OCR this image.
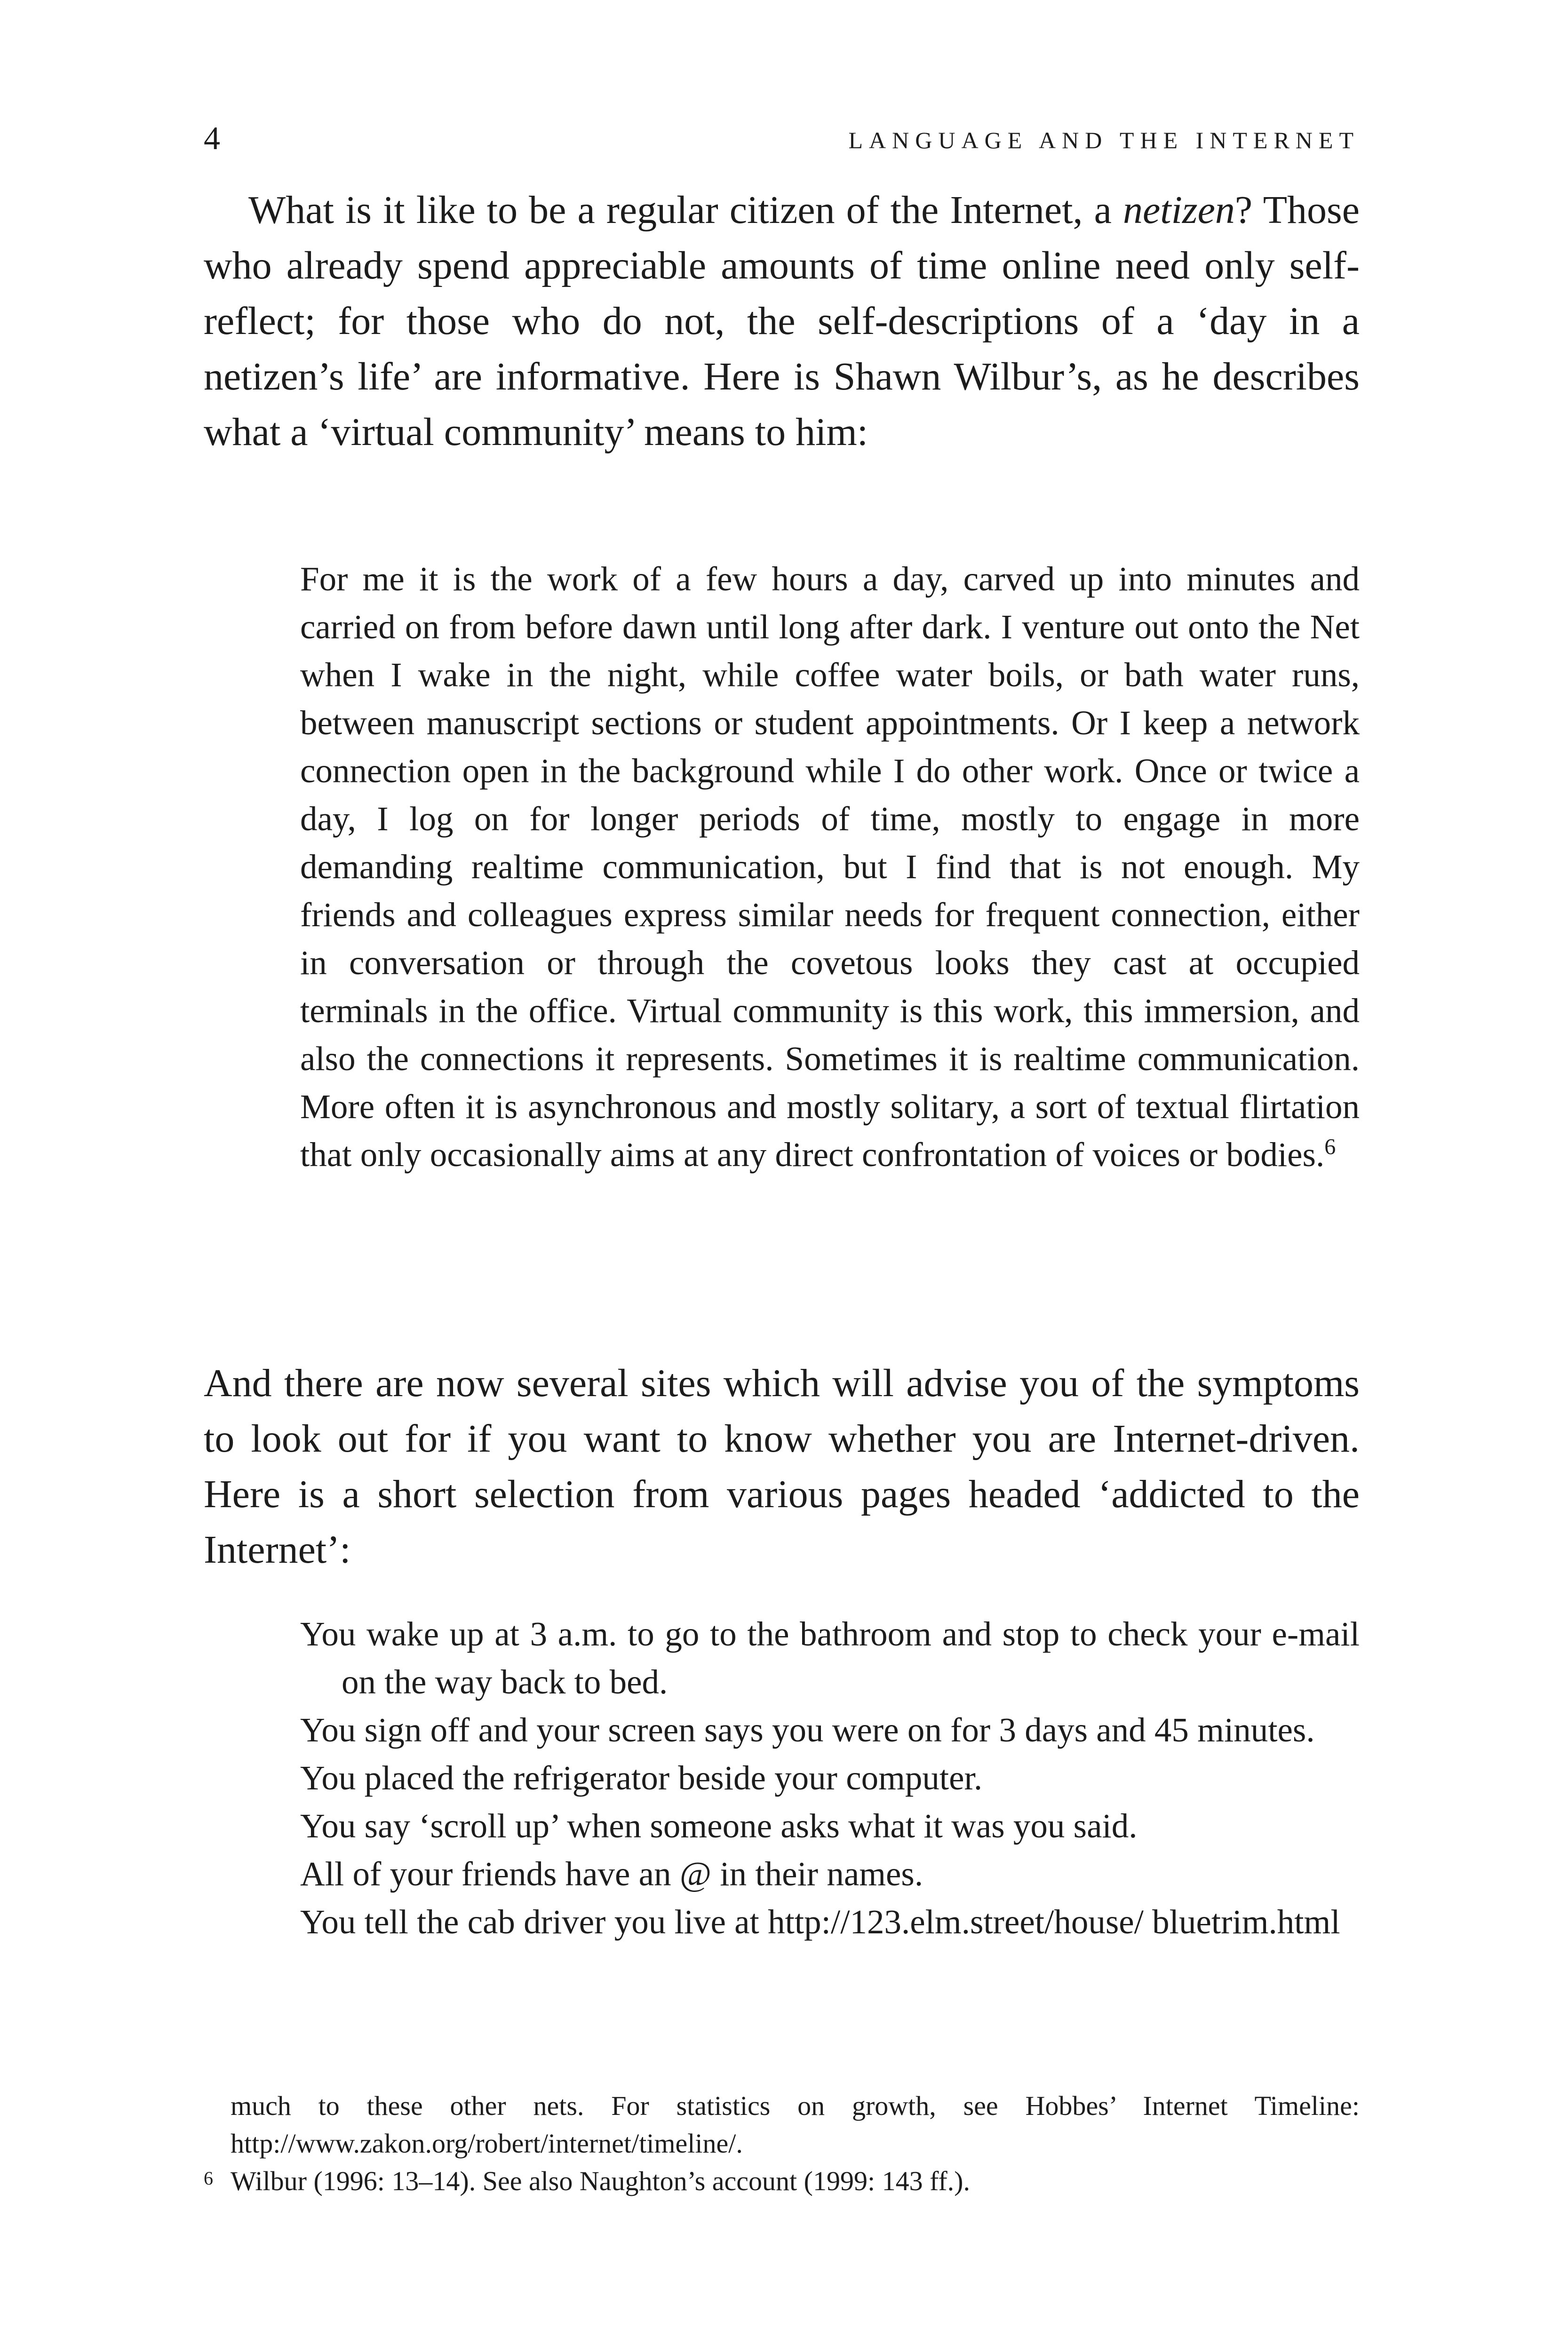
4	LANGUAGE AND THE INTERNET

What is it like to be a regular citizen of the Internet, a netizen? Those who already spend appreciable amounts of time online need only self-reflect; for those who do not, the self-descriptions of a ‘day in a netizen’s life’ are informative. Here is Shawn Wilbur’s, as he describes what a ‘virtual community’ means to him:

For me it is the work of a few hours a day, carved up into minutes and carried on from before dawn until long after dark. I venture out onto the Net when I wake in the night, while coffee water boils, or bath water runs, between manuscript sections or student appointments. Or I keep a network connection open in the background while I do other work. Once or twice a day, I log on for longer periods of time, mostly to engage in more demanding realtime communication, but I find that is not enough. My friends and colleagues express similar needs for frequent connection, either in conversation or through the covetous looks they cast at occupied terminals in the office. Virtual community is this work, this immersion, and also the connections it represents. Sometimes it is realtime communication. More often it is asynchronous and mostly solitary, a sort of textual flirtation that only occasionally aims at any direct confrontation of voices or bodies.$^6$

And there are now several sites which will advise you of the symptoms to look out for if you want to know whether you are Internet-driven. Here is a short selection from various pages headed ‘addicted to the Internet’:

You wake up at 3 a.m. to go to the bathroom and stop to check your e-mail on the way back to bed.
You sign off and your screen says you were on for 3 days and 45 minutes.
You placed the refrigerator beside your computer.
You say ‘scroll up’ when someone asks what it was you said.
All of your friends have an @ in their names.
You tell the cab driver you live at http://123.elm.street/house/ bluetrim.html

much to these other nets. For statistics on growth, see Hobbes’ Internet Timeline: http://www.zakon.org/robert/internet/timeline/.

6 Wilbur (1996: 13–14). See also Naughton’s account (1999: 143 ff.).
